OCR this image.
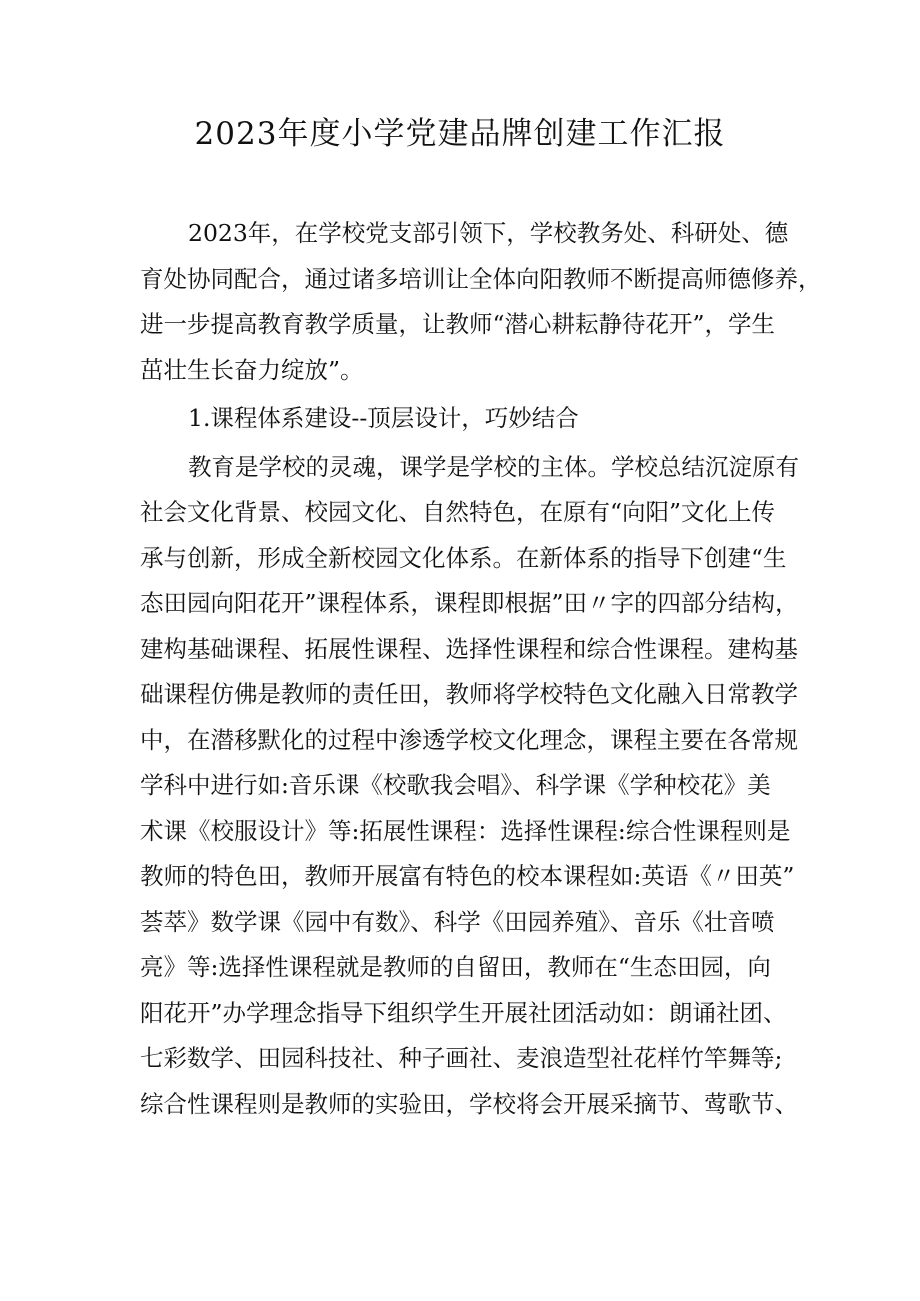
2023年度小学党建品牌创建工作汇报
2023年，在学校党支部引领下，学校教务处、科研处、德
育处协同配合，通过诸多培训让全体向阳教师不断提高师德修养，
进一步提高教育教学质量，让教师“潜心耕耘静待花开”，学生
茁壮生长奋力绽放”。
1.课程体系建设--顶层设计，巧妙结合
教育是学校的灵魂，课学是学校的主体。学校总结沉淀原有
社会文化背景、校园文化、自然特色，在原有“向阳”文化上传
承与创新，形成全新校园文化体系。在新体系的指导下创建“生
态田园向阳花开”课程体系，课程即根据”田〃字的四部分结构，
建构基础课程、拓展性课程、选择性课程和综合性课程。建构基
础课程仿佛是教师的责任田，教师将学校特色文化融入日常教学
中，在潜移默化的过程中渗透学校文化理念，课程主要在各常规
学科中进行如:音乐课《校歌我会唱》、科学课《学种校花》美
术课《校服设计》等:拓展性课程：选择性课程:综合性课程则是
教师的特色田，教师开展富有特色的校本课程如:英语《〃田英”
荟萃》数学课《园中有数》、科学《田园养殖》、音乐《壮音喷
亮》等:选择性课程就是教师的自留田，教师在“生态田园，向
阳花开”办学理念指导下组织学生开展社团活动如：朗诵社团、
七彩数学、田园科技社、种子画社、麦浪造型社花样竹竿舞等;
综合性课程则是教师的实验田，学校将会开展采摘节、莺歌节、
